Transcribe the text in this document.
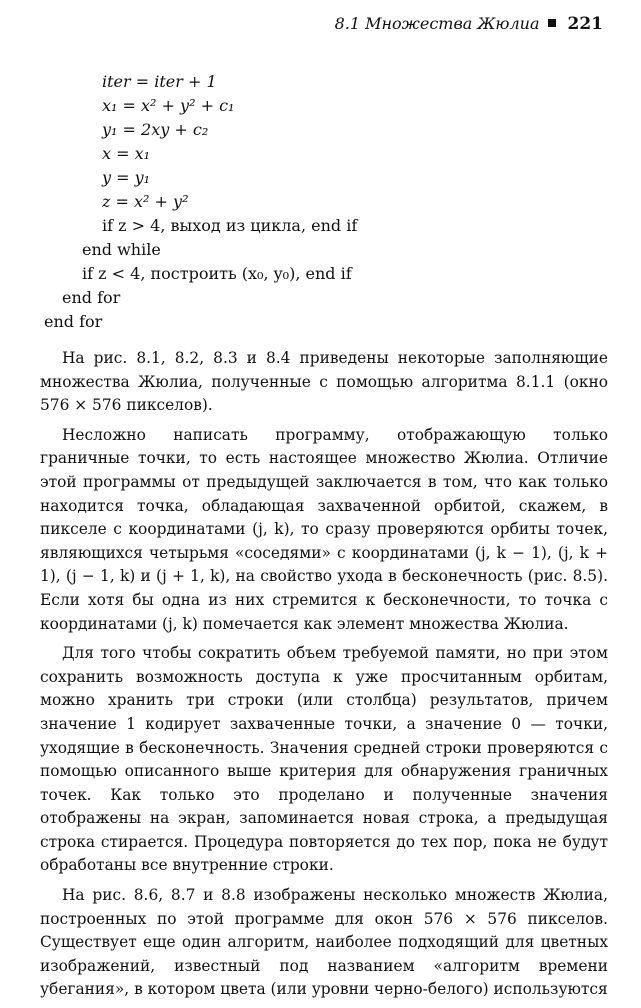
8.1 Множества Жюлиа 221
iter = iter + 1
x₁ = x² + y² + c₁
y₁ = 2xy + c₂
x = x₁
y = y₁
z = x² + y²
if z > 4, выход из цикла, end if
end while
if z < 4, построить (x₀, y₀), end if
end for
end for

На рис. 8.1, 8.2, 8.3 и 8.4 приведены некоторые заполняющие множества Жюлиа, полученные с помощью алгоритма 8.1.1 (окно 576 × 576 пикселов).

Несложно написать программу, отображающую только граничные точки, то есть настоящее множество Жюлиа. Отличие этой программы от предыдущей заключается в том, что как только находится точка, обладающая захваченной орбитой, скажем, в пикселе с координатами (j, k), то сразу проверяются орбиты точек, являющихся четырьмя «соседями» с координатами (j, k − 1), (j, k + 1), (j − 1, k) и (j + 1, k), на свойство ухода в бесконечность (рис. 8.5). Если хотя бы одна из них стремится к бесконечности, то точка с координатами (j, k) помечается как элемент множества Жюлиа.

Для того чтобы сократить объем требуемой памяти, но при этом сохранить возможность доступа к уже просчитанным орбитам, можно хранить три строки (или столбца) результатов, причем значение 1 кодирует захваченные точки, а значение 0 — точки, уходящие в бесконечность. Значения средней строки проверяются с помощью описанного выше критерия для обнаружения граничных точек. Как только это проделано и полученные значения отображены на экран, запоминается новая строка, а предыдущая строка стирается. Процедура повторяется до тех пор, пока не будут обработаны все внутренние строки.

На рис. 8.6, 8.7 и 8.8 изображены несколько множеств Жюлиа, построенных по этой программе для окон 576 × 576 пикселов. Существует еще один алгоритм, наиболее подходящий для цветных изображений, известный под названием «алгоритм времени убегания», в котором цвета (или уровни черно-белого) используются
